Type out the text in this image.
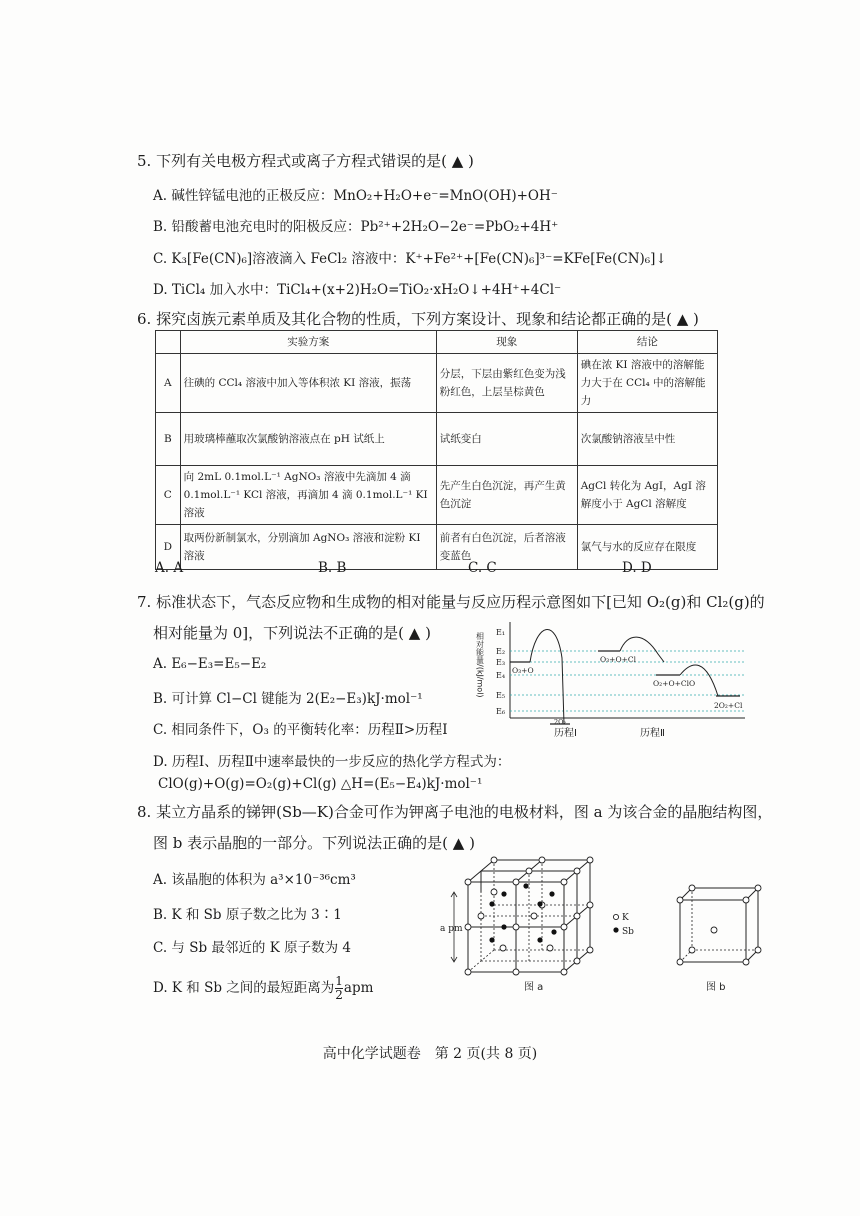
5. 下列有关电极方程式或离子方程式错误的是( ▲ )
A. 碱性锌锰电池的正极反应：MnO₂+H₂O+e⁻=MnO(OH)+OH⁻
B. 铅酸蓄电池充电时的阳极反应：Pb²⁺+2H₂O−2e⁻=PbO₂+4H⁺
C. K₃[Fe(CN)₆]溶液滴入 FeCl₂ 溶液中：K⁺+Fe²⁺+[Fe(CN)₆]³⁻=KFe[Fe(CN)₆]↓
D. TiCl₄ 加入水中：TiCl₄+(x+2)H₂O=TiO₂·xH₂O↓+4H⁺+4Cl⁻
6. 探究卤族元素单质及其化合物的性质，下列方案设计、现象和结论都正确的是( ▲ )
	实验方案	现象	结论
A	往碘的 CCl₄ 溶液中加入等体积浓 KI 溶液，振荡	分层，下层由紫红色变为浅粉红色，上层呈棕黄色	碘在浓 KI 溶液中的溶解能力大于在 CCl₄ 中的溶解能力
B	用玻璃棒蘸取次氯酸钠溶液点在 pH 试纸上	试纸变白	次氯酸钠溶液呈中性
C	向 2mL 0.1mol.L⁻¹ AgNO₃ 溶液中先滴加 4 滴 0.1mol.L⁻¹ KCl 溶液，再滴加 4 滴 0.1mol.L⁻¹ KI 溶液	先产生白色沉淀，再产生黄色沉淀	AgCl 转化为 AgI，AgI 溶解度小于 AgCl 溶解度
D	取两份新制氯水，分别滴加 AgNO₃ 溶液和淀粉 KI 溶液	前者有白色沉淀，后者溶液变蓝色	氯气与水的反应存在限度
A. A	B. B	C. C	D. D
7. 标准状态下，气态反应物和生成物的相对能量与反应历程示意图如下[已知 O₂(g)和 Cl₂(g)的
相对能量为 0]，下列说法不正确的是( ▲ )
A. E₆−E₃=E₅−E₂
B. 可计算 Cl−Cl 键能为 2(E₂−E₃)kJ·mol⁻¹
C. 相同条件下，O₃ 的平衡转化率：历程Ⅱ>历程Ⅰ
D. 历程Ⅰ、历程Ⅱ中速率最快的一步反应的热化学方程式为：
ClO(g)+O(g)=O₂(g)+Cl(g) △H=(E₅−E₄)kJ·mol⁻¹
相对能量/(kJ/mol) E₁
E₂
E₃
E₄
E₅
E₆
O₃+O
2O₂
O₃+O+Cl
O₂+O+ClO
2O₂+Cl
历程Ⅰ	历程Ⅱ
8. 某立方晶系的锑钾(Sb—K)合金可作为钾离子电池的电极材料，图 a 为该合金的晶胞结构图，
图 b 表示晶胞的一部分。下列说法正确的是( ▲ )
A. 该晶胞的体积为 a³×10⁻³⁶cm³
B. K 和 Sb 原子数之比为 3∶1
C. 与 Sb 最邻近的 K 原子数为 4
D. K 和 Sb 之间的最短距离为 $\frac{1}{2}$ apm
a pm
图 a
K
Sb
图 b
高中化学试题卷　第 2 页(共 8 页)
